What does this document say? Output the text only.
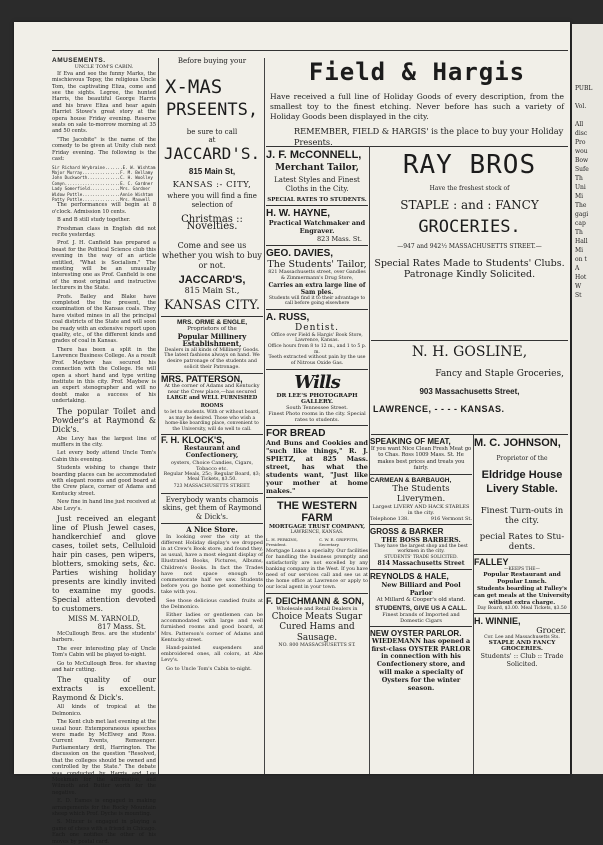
AMUSEMENTS.
UNCLE TOM'S CABIN.

If Eva and see the funny Marks, the mischievous Topsy, the religious Uncle Tom, the captivating Eliza, come and see the sights. Legree, the hunted Harris, the beautiful George Harris and his brave Eliza and hear again Harriet Stowe's great story at the opera house Friday evening. Reserve seats on sale to-morrow morning at 35 and 50 cents.

"The Jacobite" is the name of the comedy to be given at Unity club next Friday evening. The following is the cast:

Sir Richard Wrybraine.......E. W. Wishtam
Major Murray...............F. M. Bellamy
John Duckworth.............C. H. Woolley
Comyn......................E. C. Gardner
Lady Somerfield............Mrs. Gardner
Widow Pottle...............Annie Wishtam
Patty Pottle...............Mrs. Maxwell

The performances will begin at 8 o'clock. Admission 10 cents.

B and B still study together.

Freshman class in English did not recite yesterday.

Prof. J. H. Canfield has prepared a beast for the Political Science club this evening in the way of an article entitled, "What is Socialism." The meeting will be an unusually interesting one as Prof. Canfield is one of the most original and instructive lecturers in the State.

Profs. Bailey and Blake have completed the the present, the examination of the Kansas coals. They have visited mines in all the principal coal districts of the State and will soon be ready with an extensive report upon quality, etc., of the different kinds and grades of coal in Kansas.

There has been a split in the Lawrence Business College. As a result Prof. Maybew has secured his connection with the College. He will open a short hand and type writing institute in this city. Prof. Maybew is an expert stenographer and will no doubt make a success of his undertaking.

The popular Toilet and Powder's at Raymond & Dick's.

Abe Levy has the largest line of mufflers in the city.

Let every body attend Uncle Tom's Cabin this evening.

Students wishing to change their boarding places can be accommodated with elegant rooms and good board at the Crew place, corner of Adams and Kentucky street.

New fine in hand line just received at Abe Levy's.

Just received an elegant line of Plush Jewel cases, handkerchief and glove cases, toilet sets, Celluloid hair pin cases, pen wipers, blotters, smoking sets, &c. Parties wishing holiday presents are kindly invited to examine my goods. Special attention devoted to customers.

MISS M. YARNOLD,
817 Mass. St.

McCullough Bros. are the students' barbers.

The ever interesting play of Uncle Tom's Cabin will be played to-night.

Go to McCullough Bros. for shaving and hair cutting.

The quality of our extracts is excellent. Raymond & Dick's.

All kinds of tropical at the Delmonico.

The Kent club met last evening at the usual hour. Extemporaneous speeches were made by McElwey and Ross. Current Events, Remsenger. Parliamentary drill, Harrington. The discussion on the question "Resolved, that the colleges should be owned and controlled by the State." The debate was conducted by Harris and Lee Meekman for the affirmative, and Wilmoth and Butter worth for the negative.

E. D. Eames is engaged in making arrangements for the Rocky Mountain sheep which Prof. Dyche is mounting.

S. Mincer is engaged in playing a game of chess with a friend in Chicago. Each one notifies the other of his moves by postal card.

Before buying your
X-MAS
PRSEENTS,
be sure to call
at
JACCARD'S.
815 Main St,
KANSAS :- CITY,
where you will find a fine selection of
Christmas :: Novelties.
Come and see us whether you wish to buy or not.
JACCARD'S,
815 Main St.,
KANSAS CITY.
MRS. ORME & ENGLE,
Proprietors of the
Popular Millinery Establishment,
Dealers in all kinds of Millinery Goods. The latest fashions always on hand. We desire patronage of the students and solicit their Patronage.
MRS. PATTERSON,
At the corner of Adams and Kentucky near the Crew place,—has secured
LARGE and WELL FURNISHED ROOMS
to let to students. With or without board, as may be desired. Those who wish a home-like boarding place, convenient to the University, will do well to call.
F. H. KLOCK'S,
Restaurant and Confectionery,
oysters, Choice Candies, Cigars, Tobacco etc.
Regular Meals, 25c; Regular Board, $3; Meal Tickets, $3.50.
723 MASSACHUSETTS STREET.
Everybody wants chamois skins, get them of Raymond & Dick's.
A Nice Store.

In looking over the city at the different Holiday display's we dropped in at Crew's Book store, and found they, as usual, have a most elegant display of Illustrated Books, Pictures, Albums, Children's Books. In fact the Trades have not space enough to commemorate half we saw. Students before you go home get something to take with you.

See those delicious candied fruits at the Delmonico.

Either ladies or gentlemen can be accommodated with large and well furnished rooms and good board, at Mrs. Patterson's corner of Adams and Kentucky street.

Hand-painted suspenders and embroidered ones, all colors, at Abe Levy's.

Go to Uncle Tom's Cabin to-night.

Field & Hargis
Have received a full line of Holiday Goods of every description, from the smallest toy to the finest etching. Never before has such a variety of Holiday Goods been displayed in the city.
REMEMBER, FIELD & HARGIS' is the place to buy your Holiday Presents.
J. F. McCONNELL,
Merchant Tailor,
Latest Styles and Finest Cloths in the City.
SPECIAL RATES TO STUDENTS.
H. W. HAYNE,
Practical Watchmaker and Engraver.
823 Mass. St.
GEO. DAVIES,
The Students' Tailor,
821 Massachusetts street, over Gandles & Zimmermann's Drug Store,
Carries an extra large line of Sam ples.
Students will find it to their advantage to call before going elsewhere
A. RUSS,
Dentist.
Office over Field & Hargis' Book Store, Lawrence, Kansas.
Office hours from 8 to 12 m., and 1 to 5 p. m.
Teeth extracted without pain by the use of Nitrous Oxide Gas.
Wills
DR LEE'S PHOTOGRAPH GALLERY.
South Tennessee Street.
Finest Photo rooms in the city. Special rates to students.
FOR BREAD
And Buns and Cookies and "such like things," R. J. SPIETZ, at 825 Mass. street, has what the students want, "Just like your mother at home makes."
THE WESTERN FARM
MORTGAGE TRUST COMPANY,
LAWRENCE, KANSAS.
L. H. PERKINS, President.
C. W. E. GRIFFITH, Secretary.
Mortgage Loans a specialty. Our facilities for handling the business promptly and satisfactorily are not excelled by any banking company in the West. If you have need of our services call and see us at the home office at Lawrence or apply to our local agent in your town.
F. DEICHMANN & SON,
Wholesale and Retail Dealers in
Choice Meats Sugar Cured Hams and Sausage.
NO. 800 MASSACHUSETTS ST.
RAY BROS
Have the freshest stock of
STAPLE : and : FANCY
GROCERIES.
—947 and 942½ MASSACHUSETTS STREET.—
Special Rates Made to Students' Clubs. Patronage Kindly Solicited.
N. H. GOSLINE,
Fancy and Staple Groceries,
903 Massachusetts Street,
LAWRENCE, - - - - KANSAS.
SPEAKING OF MEAT,
If you want Nice Clean Fresh Meat go to Chas. Ross 1009 Mass. St. He makes best prices and treats you fairly.
CARMEAN & BARBAUGH,
The Students Liverymen.
Largest LIVERY AND HACK STABLES in the city.
Telephone 138.	916 Vermont St.
GROSS & BARKER
THE BOSS BARBERS.
They have the largest shop and the best workmen in the city.
STUDENTS' TRADE SOLICITED.
814 Massachusetts Street
REYNOLDS & HALE,
New Billiard and Pool Parlor
At Millard & Cooper's old stand.
STUDENTS, GIVE US A CALL.
Finest brands of Imported and Domestic Cigars
NEW OYSTER PARLOR.
WIEDEMANN has opened a first-class OYSTER PARLOR in connection with his Confectionery store, and will make a specialty of Oysters for the winter season.
M. C. JOHNSON,
Proprietor of the
Eldridge House Livery Stable.
Finest Turn-outs in the city.
pecial Rates to Stu- dents.
FALLEY
—KEEPS THE—
Popular Restaurant and Popular Lunch.
Students boarding at Falley's can get meals at the University without extra charge.
Day Board, $3.00. Meal Tickets, $3.50
H. WINNIE,
Grocer.
Cor. Lee and Massachusetts Sts.
STAPLE AND FANCY GROCERIES.
Students' :: Club :: Trade Solicited.
PUBL

Vol.

All
disc
Pro
wou
Bow
Sufe
Th
Uni
Mi
The
gagi
cap
Th
Hall
Mi
on t
A
Hot
W
St
